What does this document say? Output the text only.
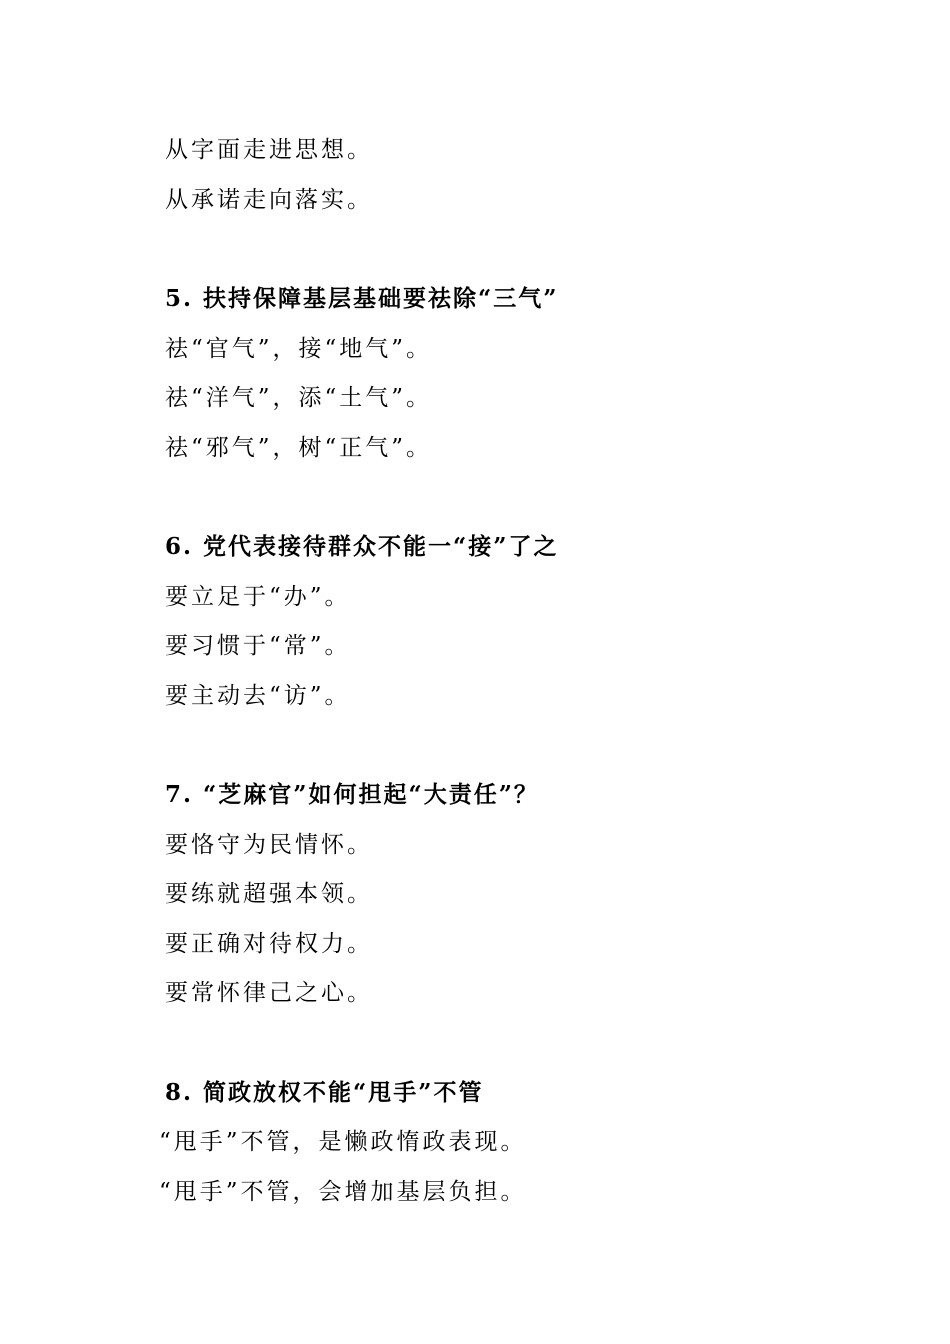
从字面走进思想。
从承诺走向落实。
5. 扶持保障基层基础要祛除“三气”
祛“官气”，接“地气”。
祛“洋气”，添“土气”。
祛“邪气”，树“正气”。
6. 党代表接待群众不能一“接”了之
要立足于“办”。
要习惯于“常”。
要主动去“访”。
7. “芝麻官”如何担起“大责任”？
要恪守为民情怀。
要练就超强本领。
要正确对待权力。
要常怀律己之心。
8. 简政放权不能“甩手”不管
“甩手”不管，是懒政惰政表现。
“甩手”不管，会增加基层负担。
